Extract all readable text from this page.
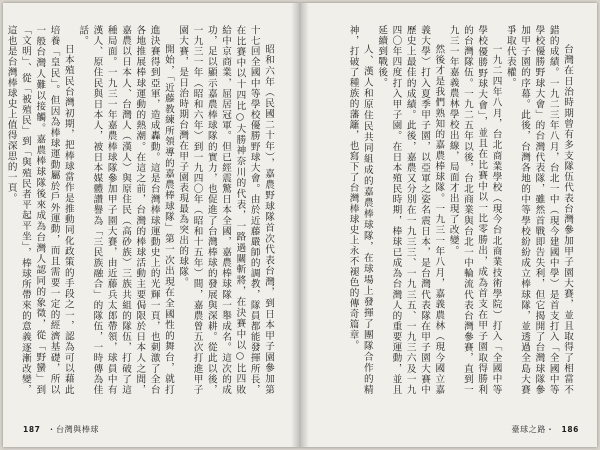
昭和六年（民國二十年），嘉農野球隊首次代表台灣，到日本甲子園參加第十七回全國中等學校優勝野球大會。由於近藤嚴師的調教，隊員都能發揮所長，在比賽中以十四比○大勝神奈川的代表，一路過關斬將，在決賽中以○比四敗給中京商業，屈居冠軍。但已經震驚日本全國，嘉農棒球隊一舉成名。這次的成功，足以顯示嘉農棒球隊的實力，也促進了台灣棒球的發展與深耕。從此以後，一九三一年（昭和六年）到一九四〇年（昭和十五年）間，嘉農曾五次打進甲子園大賽，是日治時期台灣在甲子園表現最為突出的球隊。

開始，「近藤教練所領導的嘉農棒球隊」第一次出現在全國性的舞台，就打進決賽得到亞軍，造成轟動。這是台灣棒球運動史上的光輝一頁，也刺激了全台各地推展棒球運動的熱潮。在這之前，台灣的棒球活動主要侷限於日本人之間，嘉農以日本人、台灣人（漢人）與原住民（高砂族）三族共組的隊伍，打破了這種局面。一九三一年嘉農棒球隊參加甲子園大賽，由近藤兵太郎帶領，球員中有漢人、原住民與日本人，被日本媒體讚譽為「三民族融合」的隊伍，一時傳為佳話。

日本殖民台灣初期，把棒球當作是推動同化政策的手段之一，認為可以藉此培養「皇民」。但因為棒球運動屬於戶外運動，而且需要一定的經濟基礎，所以一般台灣人難以接觸。嘉農棒球隊後來成為台灣人認同的象徵，從「野蠻」到「文明」、從「被殖民」到「與殖民者平起平坐」，棒球所帶來的意義逐漸改變，這也是台灣棒球史上值得深思的一頁。

187 ・台灣與棒球

台灣在日治時期曾有多支隊伍代表台灣參加甲子園大賽，並且取得了相當不錯的成績。一九二三年八月，台北一中（現今建國中學）是首支打入「全國中等學校優勝野球大會」的台灣代表隊，雖然首戰即告失利，但它揭開了台灣球隊參加甲子園的序幕。此後，台灣各地的中等學校紛紛成立棒球隊，並透過全島大賽爭取代表權。

一九二四年八月，台北商業學校（現今台北商業技術學院）打入「全國中等學校優勝野球大會」，並且在比賽中以一比零勝出，成為首支在甲子園取得勝利的台灣隊伍。一九二五年以後，台北商業與台北一中輪流代表台灣參賽，直到一九三一年嘉義農林學校出線，局面才出現了改變。

然後才是我們熟知的嘉農棒球隊。一九三一年八月，嘉義農林（現今國立嘉義大學）打入夏季甲子園，以亞軍之姿名震日本，是台灣代表隊在甲子園大賽中歷史上最佳的成績。此後，嘉農又分別在一九三三、一九三五、一九三六及一九四〇年四度打入甲子園。在日本殖民時期，棒球已成為台灣人的重要運動，並且延續到戰後。

人、漢人和原住民共同組成的嘉農棒球隊，在球場上發揮了團隊合作的精神，打破了種族的藩籬，也寫下了台灣棒球史上永不褪色的傳奇篇章。

臺球之路・ 186
